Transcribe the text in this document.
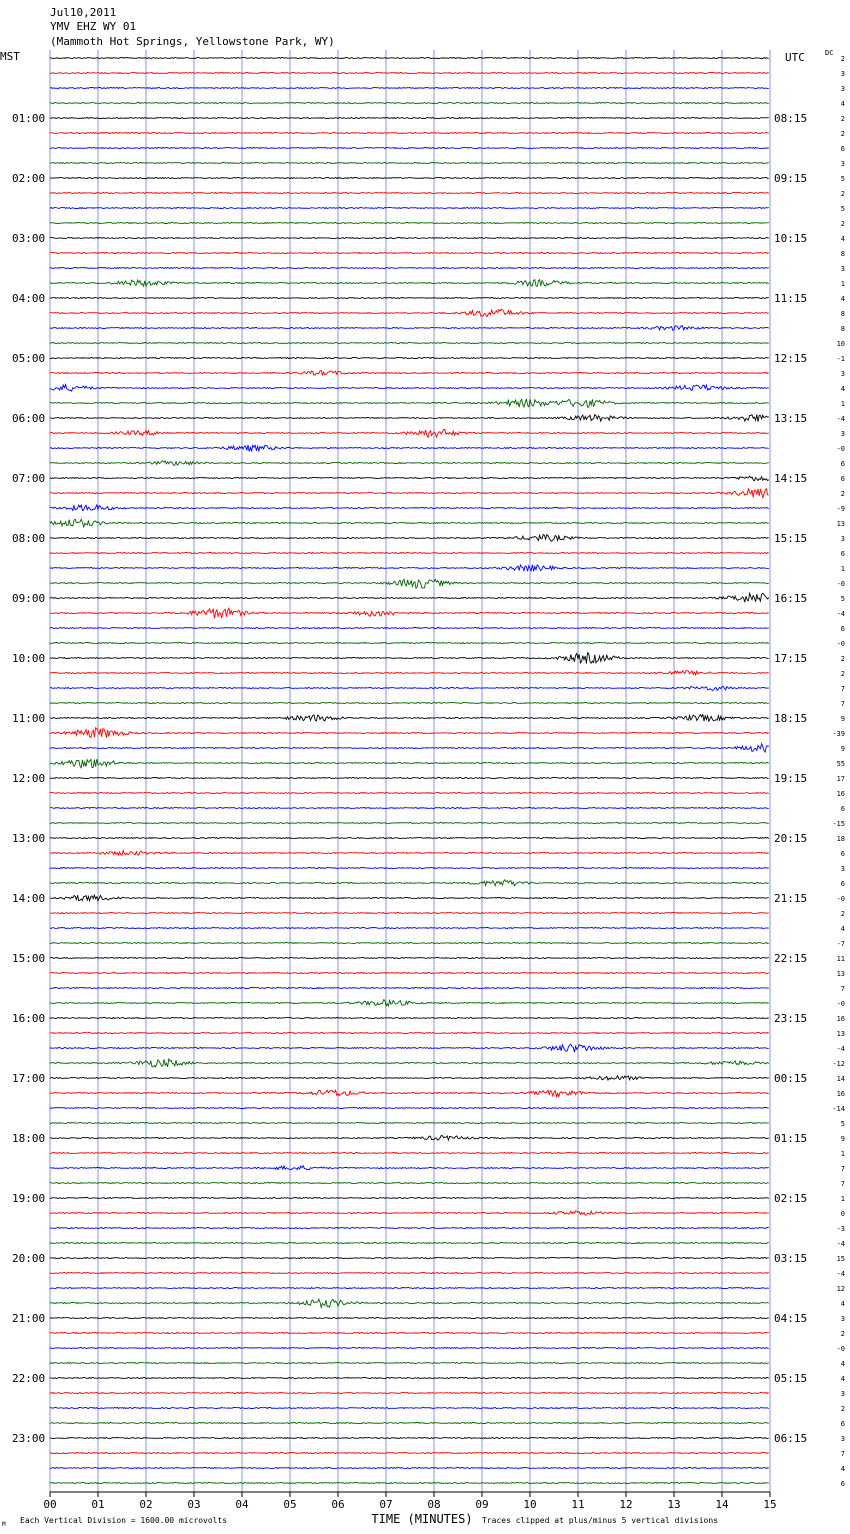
Jul10,2011
YMV EHZ WY 01
(Mammoth Hot Springs, Yellowstone Park, WY)
MST	UTC	DC
01:00
02:00
03:00
04:00
05:00
06:00
07:00
08:00
09:00
10:00
11:00
12:00
13:00
14:00
15:00
16:00
17:00
18:00
19:00
20:00
21:00
22:00
23:00
08:15
09:15
10:15
11:15
12:15
13:15
14:15
15:15
16:15
17:15
18:15
19:15
20:15
21:15
22:15
23:15
00:15
01:15
02:15
03:15
04:15
05:15
06:15
2
3
3
4
2
2
6
3
5
2
5
2
4
8
3
1
4
8
8
10
-1
3
4
1
-4
3
-0
6
6
2
-9
13
3
6
1
-0
5
-4
6
-0
2
2
7
7
9
-39
9
55
17
16
6
-15
18
6
3
6
-0
2
4
-7
11
13
7
-0
16
13
-4
-12
14
16
-14
5
9
1
7
7
1
0
-3
-4
15
-4
12
4
3
2
-0
4
4
3
2
6
3
7
4
6
00	01	02	03	04	05	06	07	08	09	10	11	12	13	14	15
TIME (MINUTES)
Each Vertical Division = 1600.00 microvolts	Traces clipped at plus/minus 5 vertical divisions
M
